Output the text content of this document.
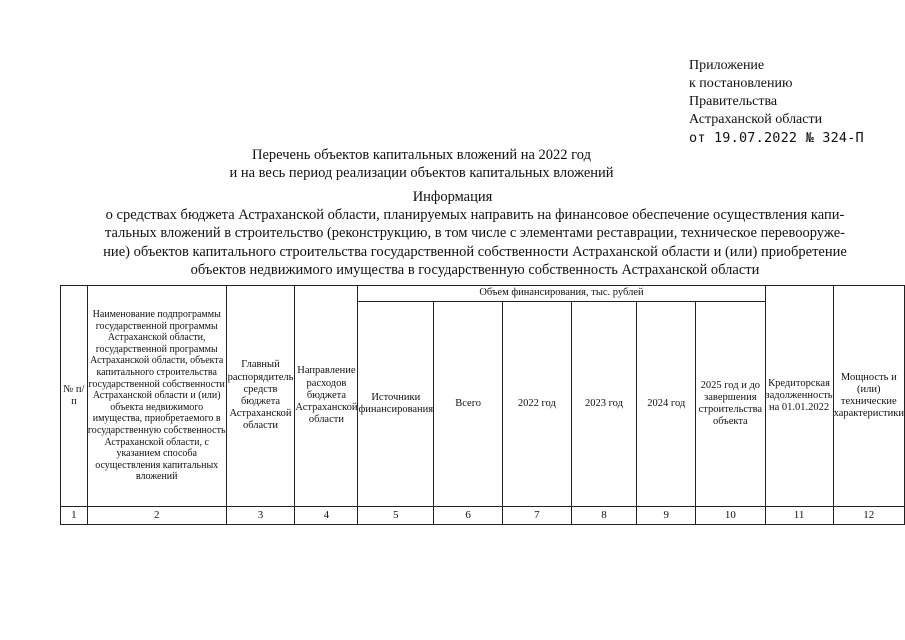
Приложение
к постановлению
Правительства
Астраханской области
от 19.07.2022 № 324-П
Перечень объектов капитальных вложений на 2022 год
и на весь период реализации объектов капитальных вложений
Информация
о средствах бюджета Астраханской области, планируемых направить на финансовое обеспечение осуществления капи-
тальных вложений в строительство (реконструкцию, в том числе с элементами реставрации, техническое перевооруже-
ние) объектов капитального строительства государственной собственности Астраханской области и (или) приобретение
объектов недвижимого имущества в государственную собственность Астраханской области
№ п/п	Наименование подпрограммы государственной программы Астраханской области, государственной программы Астраханской области, объекта капитального строительства государственной собственности Астраханской области и (или) объекта недвижимого имущества, приобретаемого в государственную собственность Астраханской области, с указанием способа осуществления капитальных вложений	Главный распорядитель средств бюджета Астраханской области	Направление расходов бюджета Астраханской области	Объем финансирования, тыс. рублей						Кредиторская задолженность на 01.01.2022	Мощность и (или) технические характеристики

				Источники финансирования	Всего	2022 год	2023 год	2024 год	2025 год и до завершения строительства объекта		

1	2	3	4	5	6	7	8	9	10	11	12
